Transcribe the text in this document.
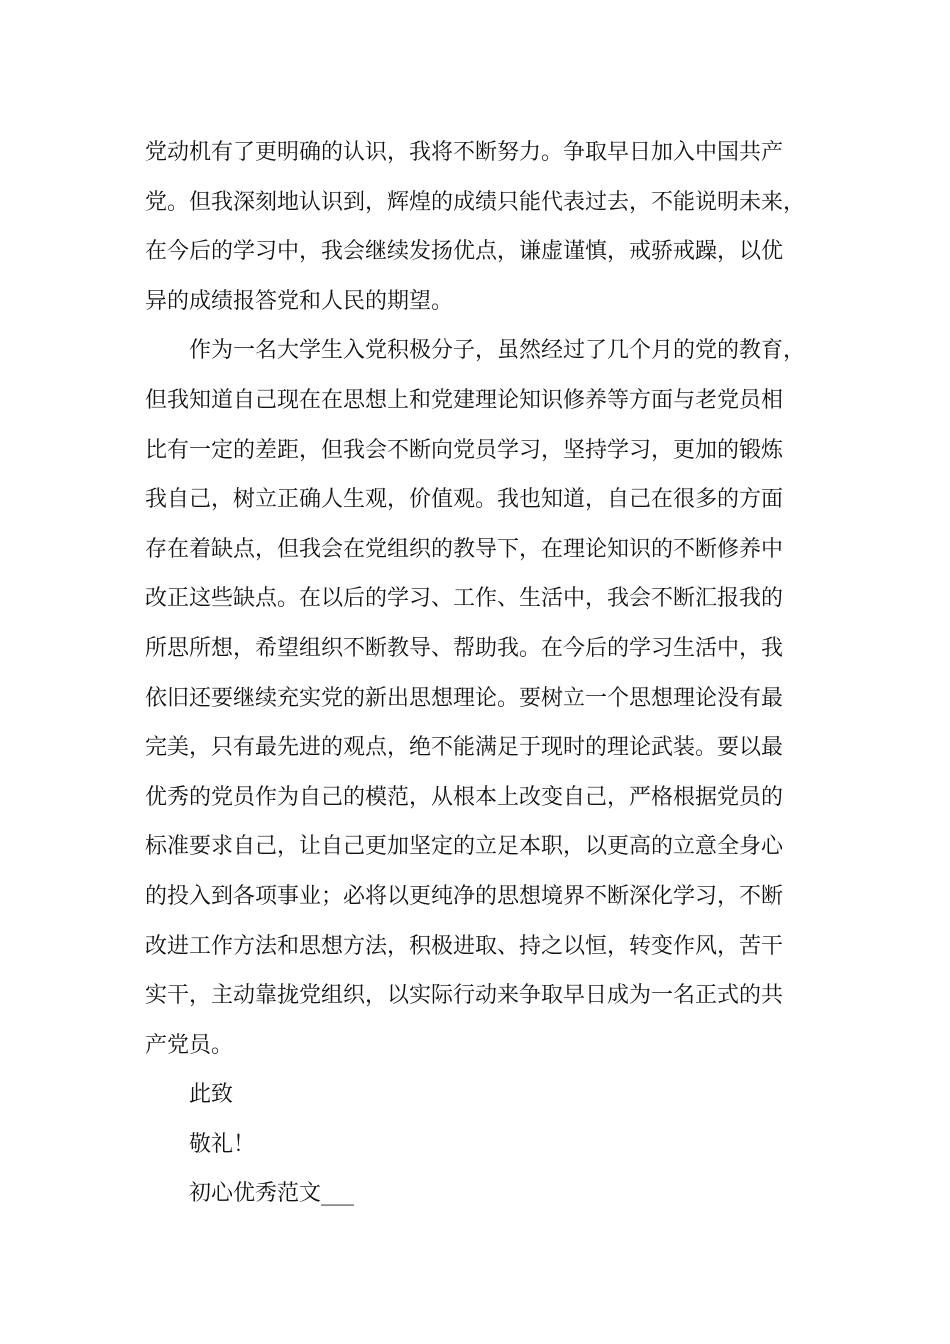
党动机有了更明确的认识，我将不断努力。争取早日加入中国共产
党。但我深刻地认识到，辉煌的成绩只能代表过去，不能说明未来，
在今后的学习中，我会继续发扬优点，谦虚谨慎，戒骄戒躁，以优
异的成绩报答党和人民的期望。
作为一名大学生入党积极分子，虽然经过了几个月的党的教育，
但我知道自己现在在思想上和党建理论知识修养等方面与老党员相
比有一定的差距，但我会不断向党员学习，坚持学习，更加的锻炼
我自己，树立正确人生观，价值观。我也知道，自己在很多的方面
存在着缺点，但我会在党组织的教导下，在理论知识的不断修养中
改正这些缺点。在以后的学习、工作、生活中，我会不断汇报我的
所思所想，希望组织不断教导、帮助我。在今后的学习生活中，我
依旧还要继续充实党的新出思想理论。要树立一个思想理论没有最
完美，只有最先进的观点，绝不能满足于现时的理论武装。要以最
优秀的党员作为自己的模范，从根本上改变自己，严格根据党员的
标准要求自己，让自己更加坚定的立足本职，以更高的立意全身心
的投入到各项事业；必将以更纯净的思想境界不断深化学习，不断
改进工作方法和思想方法，积极进取、持之以恒，转变作风，苦干
实干，主动靠拢党组织，以实际行动来争取早日成为一名正式的共
产党员。
此致
敬礼！
初心优秀范文___
